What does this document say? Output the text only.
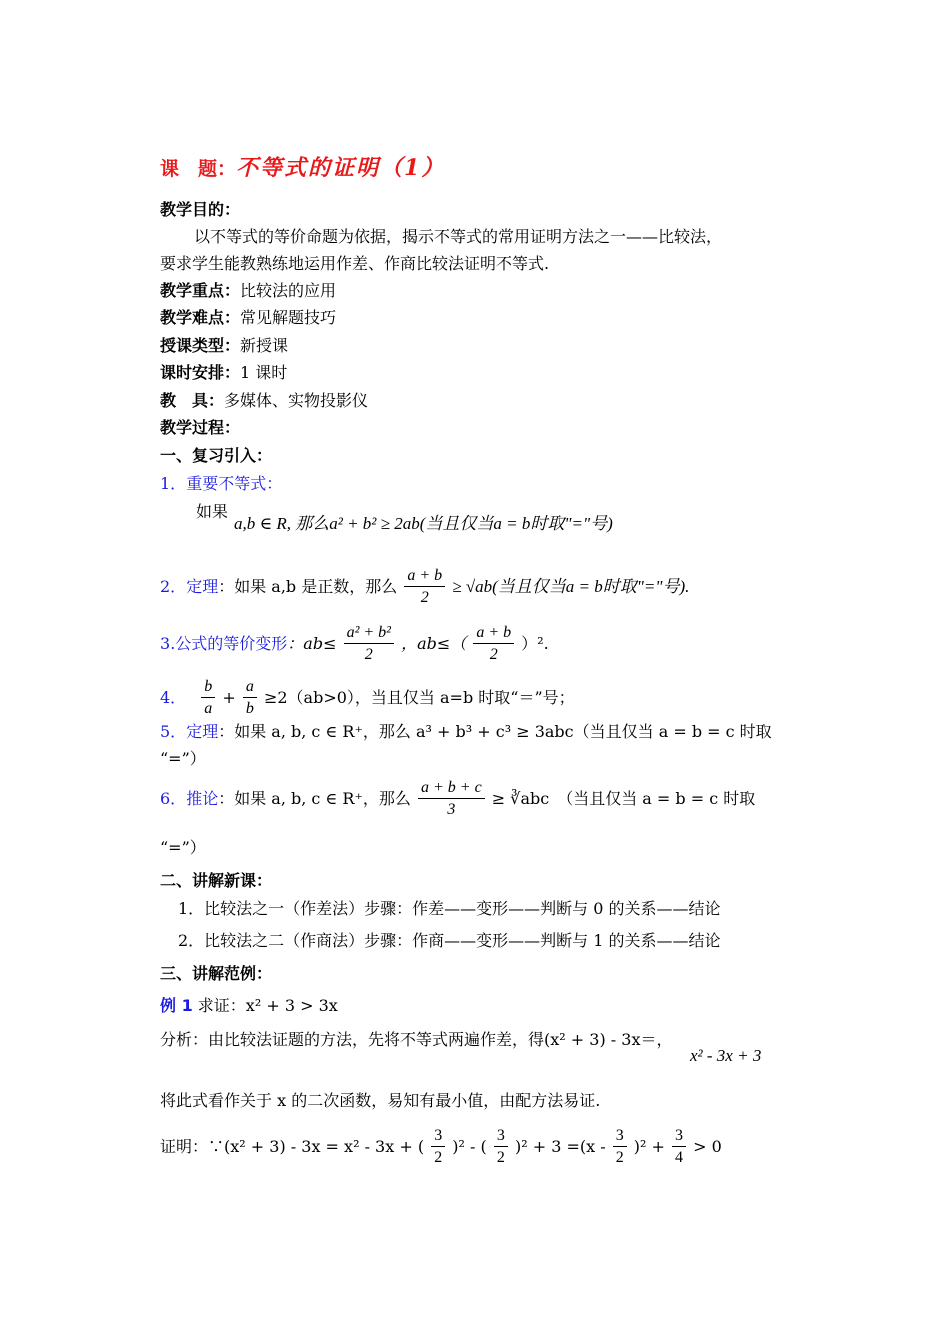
课　题：不等式的证明（1）
教学目的：
以不等式的等价命题为依据，揭示不等式的常用证明方法之一——比较法，
要求学生能教熟练地运用作差、作商比较法证明不等式.
教学重点：比较法的应用
教学难点：常见解题技巧
授课类型：新授课
课时安排：1 课时
教　具：多媒体、实物投影仪
教学过程：
一、复习引入：
1．重要不等式：
如果
a,b ∈ R, 那么a² + b² ≥ 2ab(当且仅当a = b时取"="号)
2．定理：如果 a,b 是正数，那么 $\frac{a + b}{2} \ge √ab$(当且仅当a = b时取"="号).
3.公式的等价变形：$ab\le \frac{\text{a² + b²}}{2}$ ，$ab\le( \frac{a + b}{2} )^2$.
4． $\frac{b}{a} + \frac{a}{b} \ge 2(ab>0)$，当且仅当 a=b 时取“＝”号；
5．定理：如果 a, b, c ∈ R⁺，那么 a³ + b³ + c³ ≥ 3abc（当且仅当 a = b = c 时取
“=”）
6．推论：如果 a, b, c ∈ R⁺，那么 $\frac{a + b + c}{3}$ ≥ ∛abc　（当且仅当 a = b = c 时取
“=”）
二、讲解新课：
1．比较法之一（作差法）步骤：作差——变形——判断与 0 的关系——结论
2．比较法之二（作商法）步骤：作商——变形——判断与 1 的关系——结论
三、讲解范例：
例 1 求证：x² + 3 > 3x
分析：由比较法证题的方法，先将不等式两遍作差，得(x² + 3) - 3x＝，
x² - 3x + 3
将此式看作关于 x 的二次函数，易知有最小值，由配方法易证.
证明：∵(x² + 3) - 3x = x² - 3x + ( $\frac{3}{2} )^2$ - ( $\frac{3}{2} )^2 + 3 =(x - \frac{3}{2} )^2 + \frac{3}{4} > 0$
